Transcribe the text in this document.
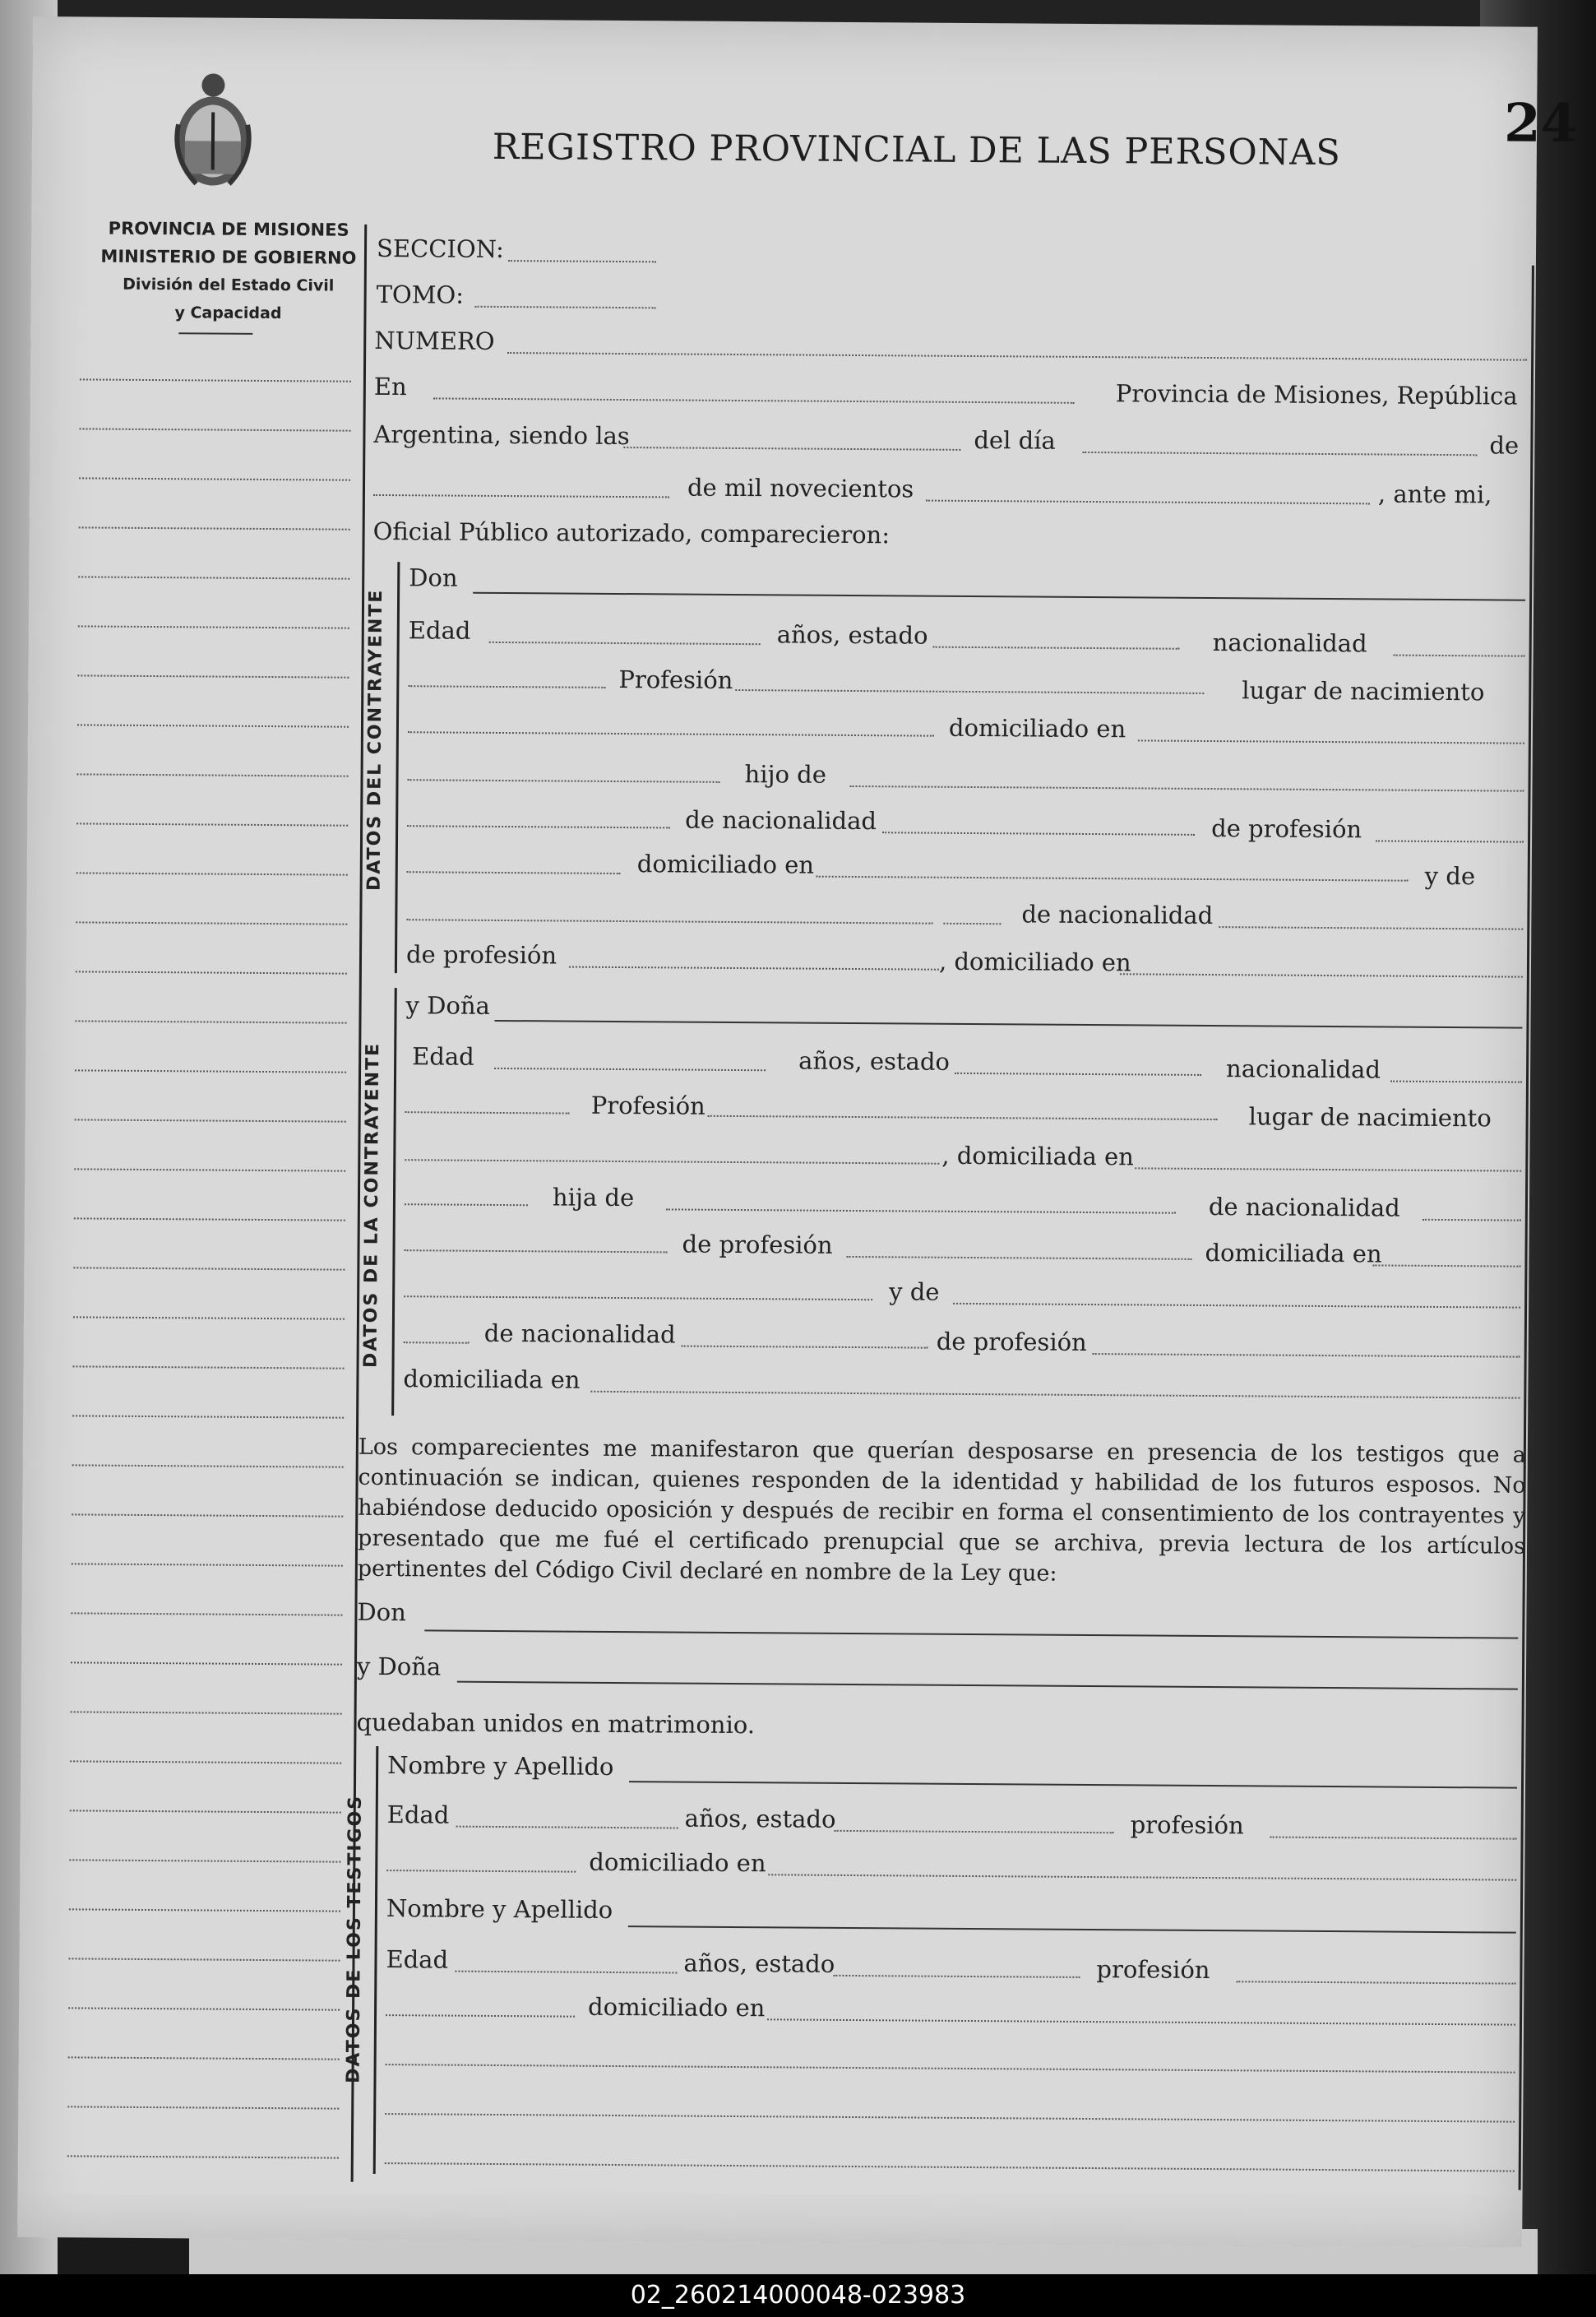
PROVINCIA DE MISIONES
MINISTERIO DE GOBIERNO
División del Estado Civil
y Capacidad
REGISTRO PROVINCIAL DE LAS PERSONAS	24
SECCION:
TOMO:
NUMERO
En	Provincia de Misiones, República
Argentina, siendo las	del día	de
de mil novecientos	, ante mi,
Oficial Público autorizado, comparecieron:
DATOS DEL CONTRAYENTE
Don
Edad	años, estado	nacionalidad
Profesión	lugar de nacimiento
domiciliado en
hijo de
de nacionalidad	de profesión
domiciliado en	y de
de nacionalidad
de profesión	, domiciliado en
DATOS DE LA CONTRAYENTE
y Doña
Edad	años, estado	nacionalidad
Profesión	lugar de nacimiento
, domiciliada en
hija de	de nacionalidad
de profesión	domiciliada en
y de
de nacionalidad	de profesión
domiciliada en
Los comparecientes me manifestaron que querían desposarse en presencia de los testigos que a continuación se indican, quienes responden de la identidad y habilidad de los futuros esposos. No habiéndose deducido oposición y después de recibir en forma el consentimiento de los contrayentes y presentado que me fué el certificado prenupcial que se archiva, previa lectura de los artículos pertinentes del Código Civil declaré en nombre de la Ley que:
Don
y Doña
quedaban unidos en matrimonio.
DATOS DE LOS TESTIGOS
Nombre y Apellido
Edad	años, estado	profesión
domiciliado en
Nombre y Apellido
Edad	años, estado	profesión
domiciliado en
02_260214000048-023983
